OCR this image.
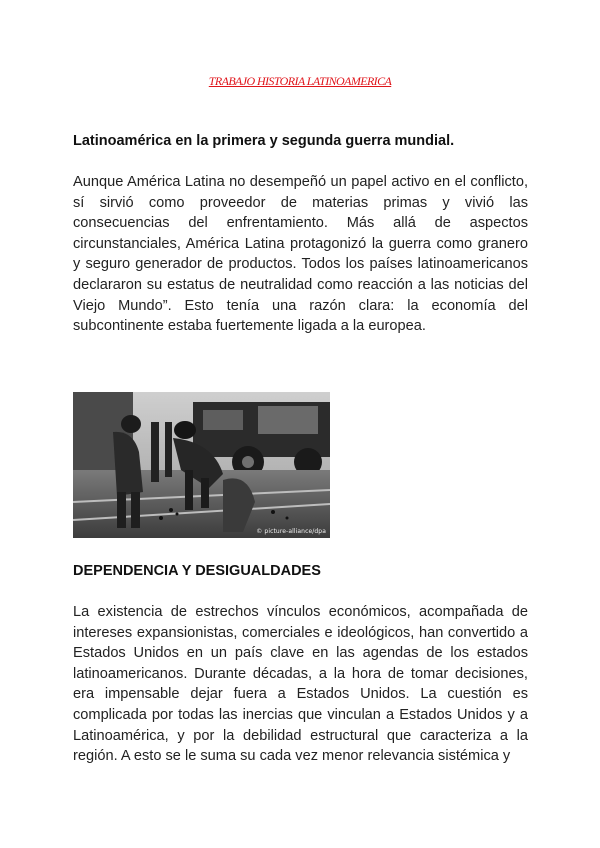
TRABAJO HISTORIA LATINOAMERICA
Latinoamérica en la primera y segunda guerra mundial.

Aunque América Latina no desempeñó un papel activo en el conflicto, sí sirvió como proveedor de materias primas y vivió las consecuencias del enfrentamiento. Más allá de aspectos circunstanciales, América Latina protagonizó la guerra como granero y seguro generador de productos. Todos los países latinoamericanos declararon su estatus de neutralidad como reacción a las noticias del Viejo Mundo”. Esto tenía una razón clara: la economía del subcontinente estaba fuertemente ligada a la europea.

© picture-alliance/dpa
DEPENDENCIA Y DESIGUALDADES

La existencia de estrechos vínculos económicos, acompañada de intereses expansionistas, comerciales e ideológicos, han convertido a Estados Unidos en un país clave en las agendas de los estados latinoamericanos. Durante décadas, a la hora de tomar decisiones, era impensable dejar fuera a Estados Unidos. La cuestión es complicada por todas las inercias que vinculan a Estados Unidos y a Latinoamérica, y por la debilidad estructural que caracteriza a la región. A esto se le suma su cada vez menor relevancia sistémica y
